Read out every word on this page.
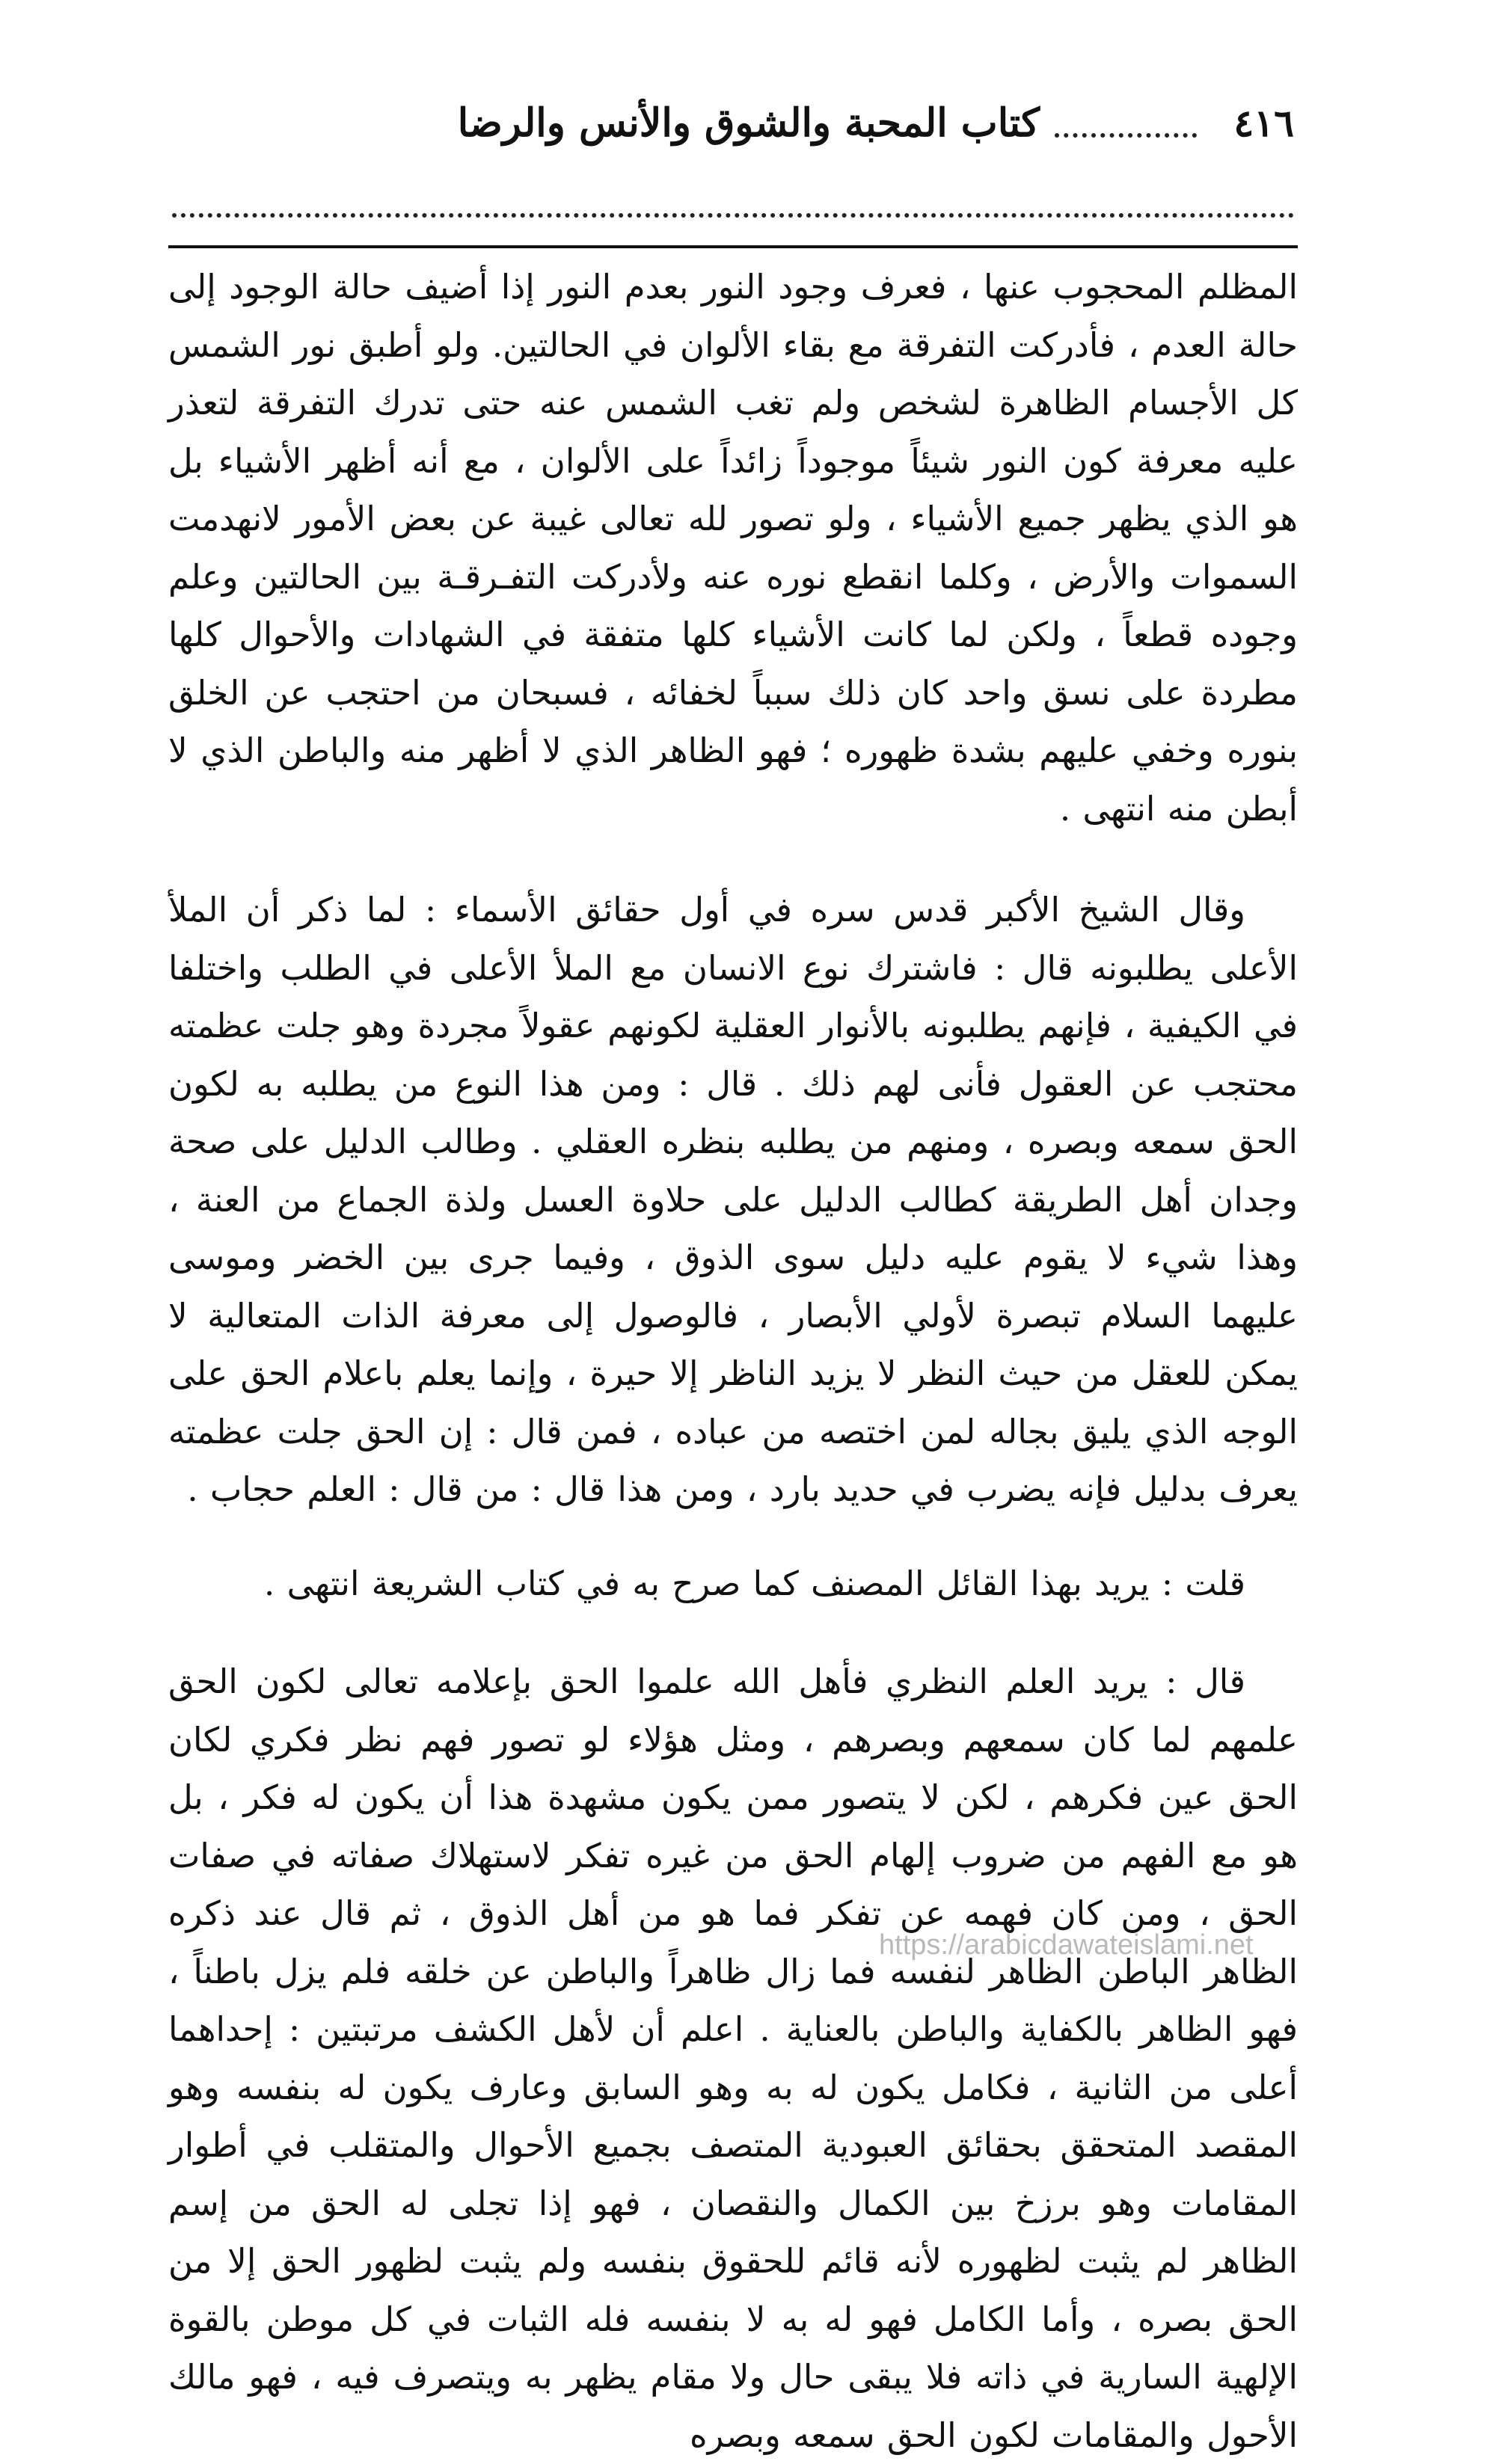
٤١٦
كتاب المحبة والشوق والأنس والرضا

المظلم المحجوب عنها ، فعرف وجود النور بعدم النور إذا أضيف حالة الوجود إلى حالة العدم ، فأدركت التفرقة مع بقاء الألوان في الحالتين. ولو أطبق نور الشمس كل الأجسام الظاهرة لشخص ولم تغب الشمس عنه حتى تدرك التفرقة لتعذر عليه معرفة كون النور شيئاً موجوداً زائداً على الألوان ، مع أنه أظهر الأشياء بل هو الذي يظهر جميع الأشياء ، ولو تصور لله تعالى غيبة عن بعض الأمور لانهدمت السموات والأرض ، وكلما انقطع نوره عنه ولأدركت التفـرقـة بين الحالتين وعلم وجوده قطعاً ، ولكن لما كانت الأشياء كلها متفقة في الشهادات والأحوال كلها مطردة على نسق واحد كان ذلك سبباً لخفائه ، فسبحان من احتجب عن الخلق بنوره وخفي عليهم بشدة ظهوره ؛ فهو الظاهر الذي لا أظهر منه والباطن الذي لا أبطن منه انتهى .

وقال الشيخ الأكبر قدس سره في أول حقائق الأسماء : لما ذكر أن الملأ الأعلى يطلبونه قال : فاشترك نوع الانسان مع الملأ الأعلى في الطلب واختلفا في الكيفية ، فإنهم يطلبونه بالأنوار العقلية لكونهم عقولاً مجردة وهو جلت عظمته محتجب عن العقول فأنى لهم ذلك . قال : ومن هذا النوع من يطلبه به لكون الحق سمعه وبصره ، ومنهم من يطلبه بنظره العقلي . وطالب الدليل على صحة وجدان أهل الطريقة كطالب الدليل على حلاوة العسل ولذة الجماع من العنة ، وهذا شيء لا يقوم عليه دليل سوى الذوق ، وفيما جرى بين الخضر وموسى عليهما السلام تبصرة لأولي الأبصار ، فالوصول إلى معرفة الذات المتعالية لا يمكن للعقل من حيث النظر لا يزيد الناظر إلا حيرة ، وإنما يعلم باعلام الحق على الوجه الذي يليق بجاله لمن اختصه من عباده ، فمن قال : إن الحق جلت عظمته يعرف بدليل فإنه يضرب في حديد بارد ، ومن هذا قال : من قال : العلم حجاب .

قلت : يريد بهذا القائل المصنف كما صرح به في كتاب الشريعة انتهى .

قال : يريد العلم النظري فأهل الله علموا الحق بإعلامه تعالى لكون الحق علمهم لما كان سمعهم وبصرهم ، ومثل هؤلاء لو تصور فهم نظر فكري لكان الحق عين فكرهم ، لكن لا يتصور ممن يكون مشهدة هذا أن يكون له فكر ، بل هو مع الفهم من ضروب إلهام الحق من غيره تفكر لاستهلاك صفاته في صفات الحق ، ومن كان فهمه عن تفكر فما هو من أهل الذوق ، ثم قال عند ذكره الظاهر الباطن الظاهر لنفسه فما زال ظاهراً والباطن عن خلقه فلم يزل باطناً ، فهو الظاهر بالكفاية والباطن بالعناية . اعلم أن لأهل الكشف مرتبتين : إحداهما أعلى من الثانية ، فكامل يكون له به وهو السابق وعارف يكون له بنفسه وهو المقصد المتحقق بحقائق العبودية المتصف بجميع الأحوال والمتقلب في أطوار المقامات وهو برزخ بين الكمال والنقصان ، فهو إذا تجلى له الحق من إسم الظاهر لم يثبت لظهوره لأنه قائم للحقوق بنفسه ولم يثبت لظهور الحق إلا من الحق بصره ، وأما الكامل فهو له به لا بنفسه فله الثبات في كل موطن بالقوة الإلهية السارية في ذاته فلا يبقى حال ولا مقام يظهر به ويتصرف فيه ، فهو مالك الأحول والمقامات لكون الحق سمعه وبصره

https://arabicdawateislami.net
